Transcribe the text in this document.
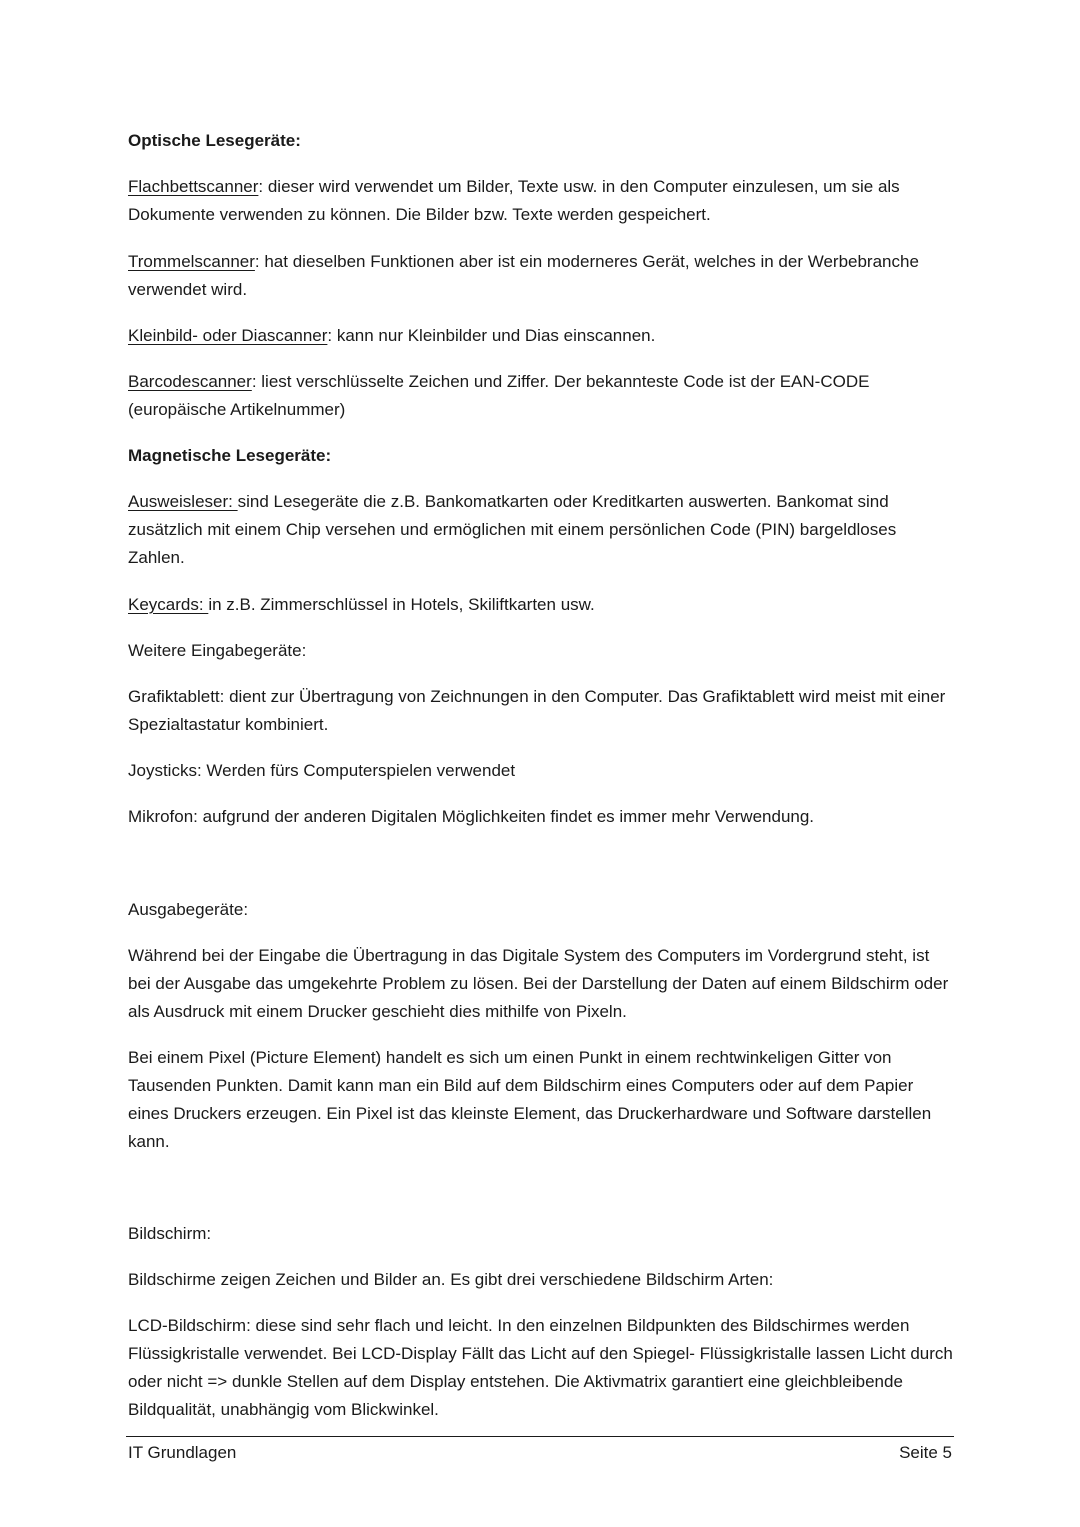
Optische Lesegeräte:

Flachbettscanner: dieser wird verwendet um Bilder, Texte usw. in den Computer einzulesen, um sie als Dokumente verwenden zu können. Die Bilder bzw. Texte werden gespeichert.

Trommelscanner: hat dieselben Funktionen aber ist ein moderneres Gerät, welches in der Werbebranche verwendet wird.

Kleinbild- oder Diascanner: kann nur Kleinbilder und Dias einscannen.

Barcodescanner: liest verschlüsselte Zeichen und Ziffer. Der bekannteste Code ist der EAN-CODE (europäische Artikelnummer)

Magnetische Lesegeräte:

Ausweisleser: sind Lesegeräte die z.B. Bankomatkarten oder Kreditkarten auswerten. Bankomat sind zusätzlich mit einem Chip versehen und ermöglichen mit einem persönlichen Code (PIN) bargeldloses Zahlen.

Keycards: in z.B. Zimmerschlüssel in Hotels, Skiliftkarten usw.

Weitere Eingabegeräte:

Grafiktablett: dient zur Übertragung von Zeichnungen in den Computer. Das Grafiktablett wird meist mit einer Spezialtastatur kombiniert.

Joysticks: Werden fürs Computerspielen verwendet

Mikrofon: aufgrund der anderen Digitalen Möglichkeiten findet es immer mehr Verwendung.

Ausgabegeräte:

Während bei der Eingabe die Übertragung in das Digitale System des Computers im Vordergrund steht, ist bei der Ausgabe das umgekehrte Problem zu lösen. Bei der Darstellung der Daten auf einem Bildschirm oder als Ausdruck mit einem Drucker geschieht dies mithilfe von Pixeln.

Bei einem Pixel (Picture Element) handelt es sich um einen Punkt in einem rechtwinkeligen Gitter von Tausenden Punkten. Damit kann man ein Bild auf dem Bildschirm eines Computers oder auf dem Papier eines Druckers erzeugen. Ein Pixel ist das kleinste Element, das Druckerhardware und Software darstellen kann.

Bildschirm:

Bildschirme zeigen Zeichen und Bilder an. Es gibt drei verschiedene Bildschirm Arten:

LCD-Bildschirm: diese sind sehr flach und leicht. In den einzelnen Bildpunkten des Bildschirmes werden Flüssigkristalle verwendet. Bei LCD-Display Fällt das Licht auf den Spiegel- Flüssigkristalle lassen Licht durch oder nicht => dunkle Stellen auf dem Display entstehen. Die Aktivmatrix garantiert eine gleichbleibende Bildqualität, unabhängig vom Blickwinkel.

IT Grundlagen	Seite 5
